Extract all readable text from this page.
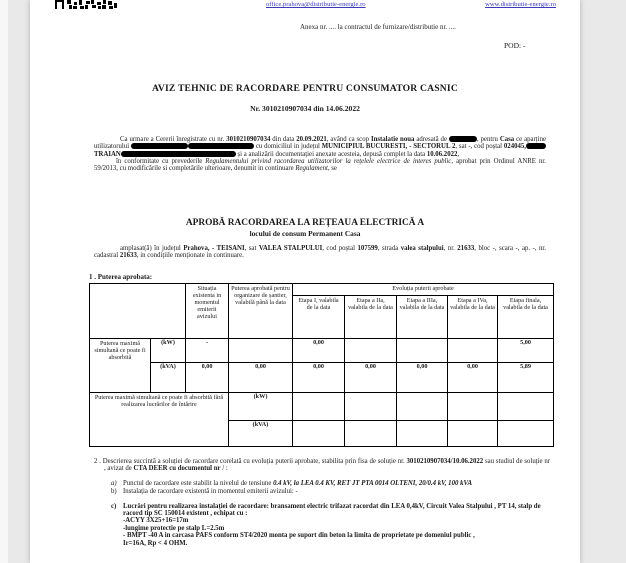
office.prahova@distributie-energie.ro	www.distributie-energie.ro
Anexa nr. .... la contractul de furnizare/distributie nr. ....
POD: -
AVIZ TEHNIC DE RACORDARE PENTRU CONSUMATOR CASNIC
Nr. 3010210907034 din 14.06.2022

Ca urmare a Cererii înregistrate cu nr. 3010210907034 din data 20.09.2021, având ca scop Instalatie noua adresată de	, pentru Casa ce aparține utilizatorului	cu domiciliul in județul MUNICIPIUL BUCURESTI, - SECTORUL 2, sat -, cod poștal 024045,TRAIAN	și a analizării documentației anexate acesteia, depusă complet la data 10.06.2022,

în conformitate cu prevederile Regulamentului privind racordarea utilizatorilor la rețelele electrice de interes public, aprobat prin Ordinul ANRE nr. 59/2013, cu modificările si completările ulterioare, denumit in continuare Regulament, se

APROBĂ RACORDAREA LA REȚEAUA ELECTRICĂ A
locului de consum Permanent Casa

amplasat(ă) în județul Prahova, - TEISANI, sat VALEA STALPULUI, cod poștal 107599, strada valea stalpului, nr. 21633, bloc -, scara -, ap. -, nr. cadastral 21633, in condițiile menționate in continuare.

1 . Puterea aprobata:
		Situația existenta in momentul emiterii avizului	Puterea aprobată pentru organizare de șantier, valabilă până la data	Evoluția puterii aprobate				
				Etapa I, valabila de la data	Etapa a IIa, valabila de la data	Etapa a IIIa, valabila de la data	Etapa a IVa, valabila de la data	Etapa finala, valabila de la data
Puterea maximă simultană ce poate fi absorbită	(kW)	-		0,00				5,00
	(kVA)	0,00	0,00	0,00	0,00	0,00	0,00	5,89
Puterea maximă simultană ce poate fi absorbită fără realizarea lucrărilor de întărire			(kW)					
			(kVA)					

2 . Descrierea succintă a soluției de racordare corelată cu evoluția puterii aprobate, stabilita prin fisa de soluție nr. 3010210907034/10.06.2022 sau studiul de soluție nr , avizat de CTA DEER cu documentul nr / :

a) Punctul de racordare este stabilit la nivelul de tensiune 0.4 kV, la LEA 0.4 KV, RET JT PTA 0014 OLTENI, 20/0.4 kV, 100 kVA
b) Instalația de racordare existentă in momentul emiterii avizului: -
c) Lucrări pentru realizarea instalației de racordare: bransament electric trifazat racordat din LEA 0,4kV, Circuit Valea Stalpului , PT 14, stalp de racord tip SC 150014 existent , echipat cu :
-ACYY 3X25+16=17m
-lungime protectie pe stalp L=2.5m
- BMPT -40 A in carcasa PAFS conform ST4/2020 monta pe suport din beton la limita de proprietate pe domeniul public ,
Ir=16A, Rp < 4 OHM.
